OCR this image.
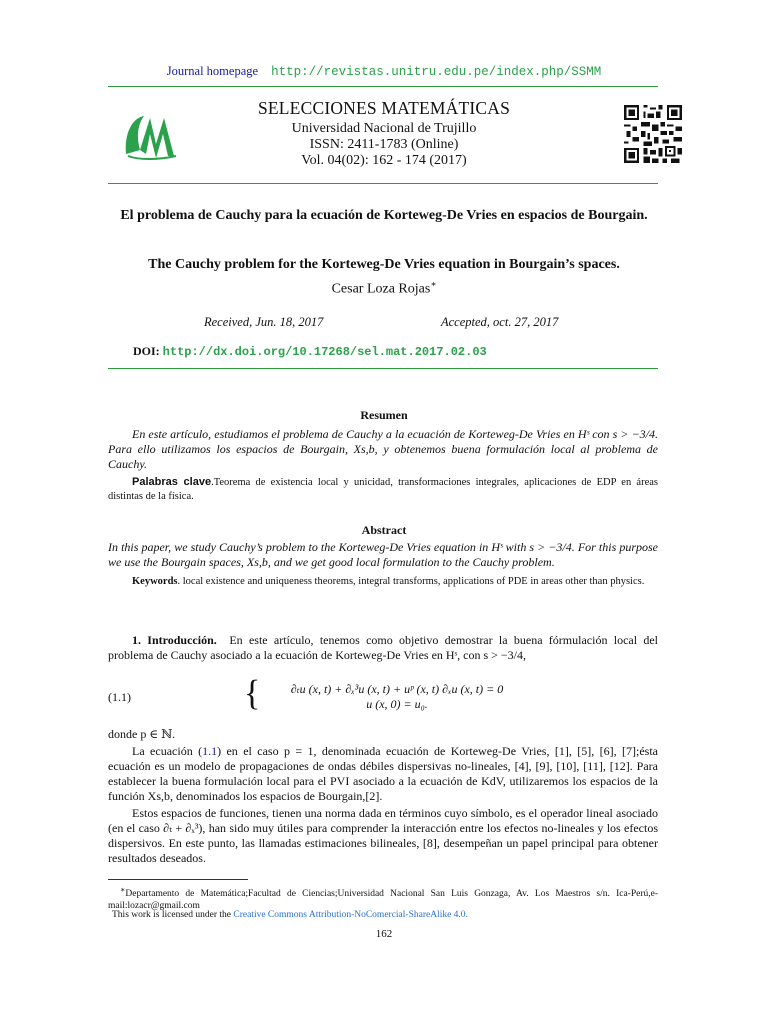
Journal homepage http://revistas.unitru.edu.pe/index.php/SSMM
SELECCIONES MATEMÁTICAS
Universidad Nacional de Trujillo
ISSN: 2411-1783 (Online)
Vol. 04(02): 162 - 174 (2017)
El problema de Cauchy para la ecuación de Korteweg-De Vries en espacios de Bourgain.
The Cauchy problem for the Korteweg-De Vries equation in Bourgain’s spaces.
Cesar Loza Rojas∗
Received, Jun. 18, 2017	Accepted, oct. 27, 2017
DOI: http://dx.doi.org/10.17268/sel.mat.2017.02.03
Resumen
En este artículo, estudiamos el problema de Cauchy a la ecuación de Korteweg-De Vries en Hˢ con s > −3/4. Para ello utilizamos los espacios de Bourgain, Xs,b, y obtenemos buena formulación local al problema de Cauchy.
Palabras clave.Teorema de existencia local y unicidad, transformaciones integrales, aplicaciones de EDP en áreas distintas de la física.
Abstract
In this paper, we study Cauchy’s problem to the Korteweg-De Vries equation in Hˢ with s > −3/4. For this purpose we use the Bourgain spaces, Xs,b, and we get good local formulation to the Cauchy problem.
Keywords. local existence and uniqueness theorems, integral transforms, applications of PDE in areas other than physics.
1. Introducción. En este artículo, tenemos como objetivo demostrar la buena fórmulación local del problema de Cauchy asociado a la ecuación de Korteweg-De Vries en Hˢ, con s > −3/4,
(1.1)	{	∂ₜu (x, t) + ∂ₓ³u (x, t) + uᵖ (x, t) ∂ₓu (x, t) = 0
u (x, 0) = u₀.
donde p ∈ ℕ.
La ecuación (1.1) en el caso p = 1, denominada ecuación de Korteweg-De Vries, [1], [5], [6], [7];ésta ecuación es un modelo de propagaciones de ondas débiles dispersivas no-lineales, [4], [9], [10], [11], [12]. Para establecer la buena formulación local para el PVI asociado a la ecuación de KdV, utilizaremos los espacios de la función Xs,b, denominados los espacios de Bourgain,[2].
Estos espacios de funciones, tienen una norma dada en términos cuyo símbolo, es el operador lineal asociado (en el caso ∂ₜ + ∂ₓ³), han sido muy útiles para comprender la interacción entre los efectos no-lineales y los efectos dispersivos. En este punto, las llamadas estimaciones bilineales, [8], desempeñan un papel principal para obtener resultados deseados.
∗Departamento de Matemática;Facultad de Ciencias;Universidad Nacional San Luis Gonzaga, Av. Los Maestros s/n. Ica-Perú,e-mail:lozacr@gmail.com
This work is licensed under the Creative Commons Attribution-NoComercial-ShareAlike 4.0.
162
